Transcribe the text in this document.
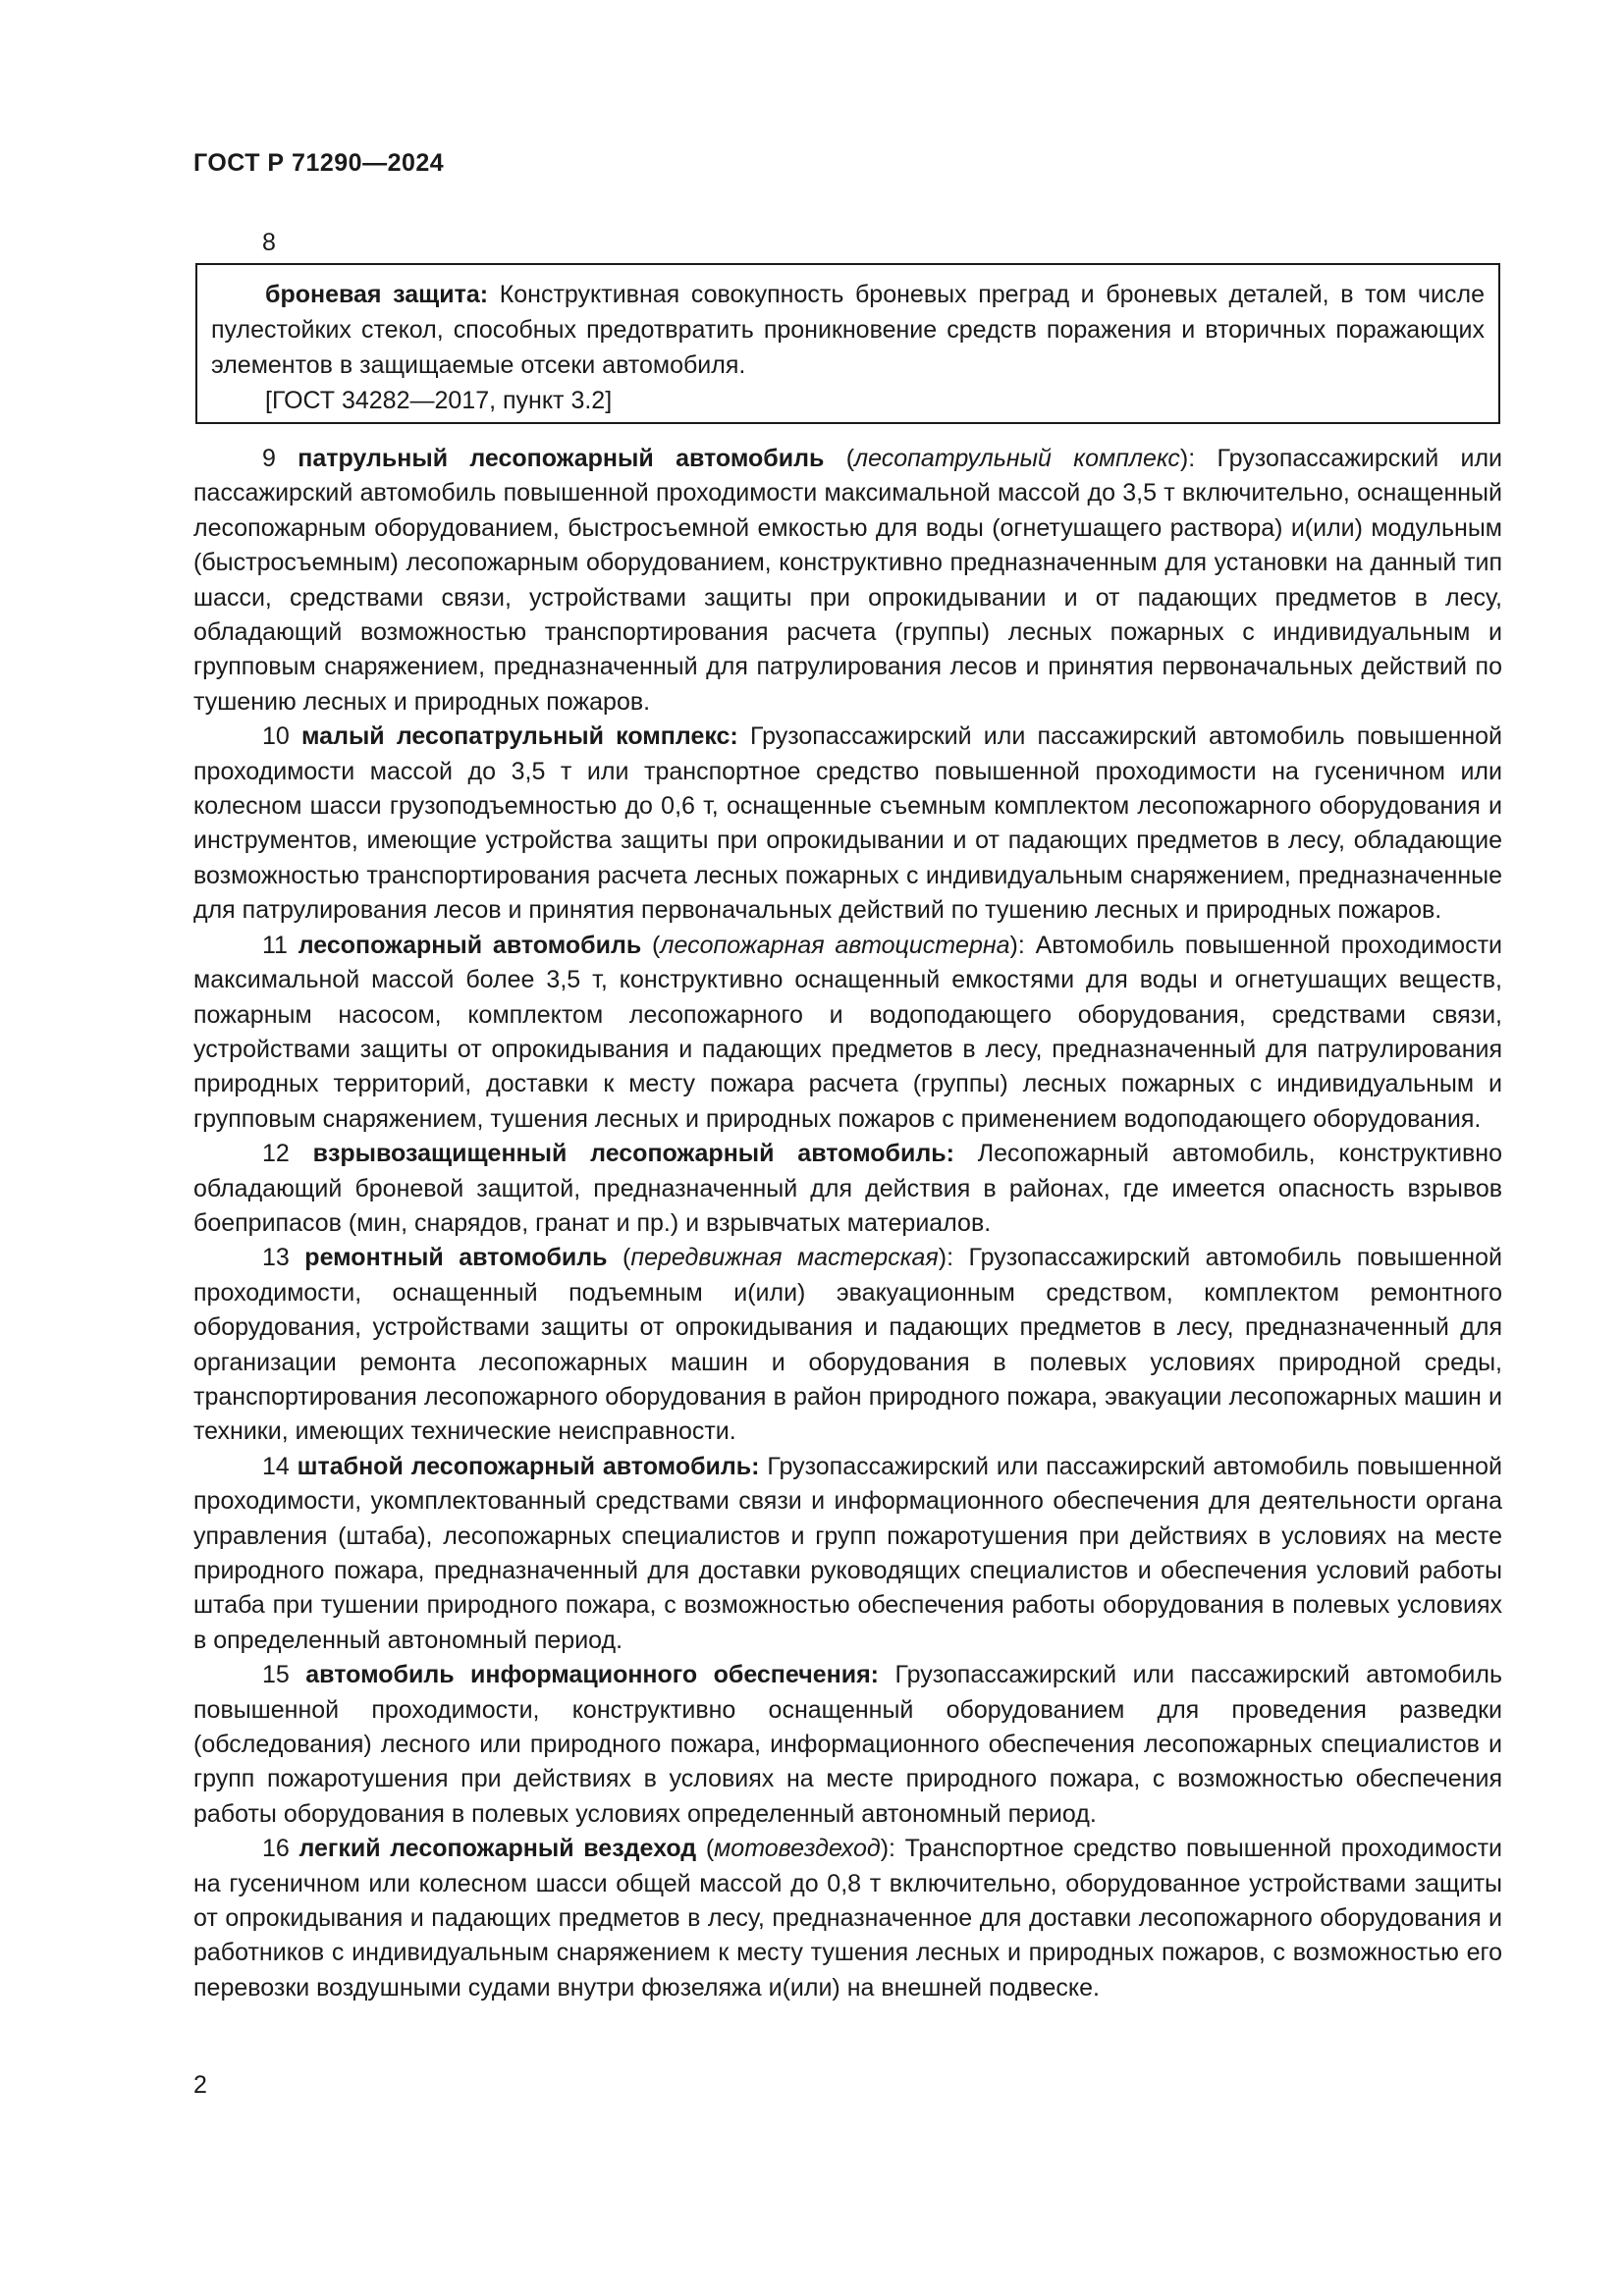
ГОСТ Р 71290—2024
8

броневая защита: Конструктивная совокупность броневых преград и броневых деталей, в том числе пулестойких стекол, способных предотвратить проникновение средств поражения и вторичных поражающих элементов в защищаемые отсеки автомобиля.

[ГОСТ 34282—2017, пункт 3.2]

9 патрульный лесопожарный автомобиль (лесопатрульный комплекс): Грузопассажирский или пассажирский автомобиль повышенной проходимости максимальной массой до 3,5 т включительно, оснащенный лесопожарным оборудованием, быстросъемной емкостью для воды (огнетушащего раствора) и(или) модульным (быстросъемным) лесопожарным оборудованием, конструктивно предназначенным для установки на данный тип шасси, средствами связи, устройствами защиты при опрокидывании и от падающих предметов в лесу, обладающий возможностью транспортирования расчета (группы) лесных пожарных с индивидуальным и групповым снаряжением, предназначенный для патрулирования лесов и принятия первоначальных действий по тушению лесных и природных пожаров.

10 малый лесопатрульный комплекс: Грузопассажирский или пассажирский автомобиль повышенной проходимости массой до 3,5 т или транспортное средство повышенной проходимости на гусеничном или колесном шасси грузоподъемностью до 0,6 т, оснащенные съемным комплектом лесопожарного оборудования и инструментов, имеющие устройства защиты при опрокидывании и от падающих предметов в лесу, обладающие возможностью транспортирования расчета лесных пожарных с индивидуальным снаряжением, предназначенные для патрулирования лесов и принятия первоначальных действий по тушению лесных и природных пожаров.

11 лесопожарный автомобиль (лесопожарная автоцистерна): Автомобиль повышенной проходимости максимальной массой более 3,5 т, конструктивно оснащенный емкостями для воды и огнетушащих веществ, пожарным насосом, комплектом лесопожарного и водоподающего оборудования, средствами связи, устройствами защиты от опрокидывания и падающих предметов в лесу, предназначенный для патрулирования природных территорий, доставки к месту пожара расчета (группы) лесных пожарных с индивидуальным и групповым снаряжением, тушения лесных и природных пожаров с применением водоподающего оборудования.

12 взрывозащищенный лесопожарный автомобиль: Лесопожарный автомобиль, конструктивно обладающий броневой защитой, предназначенный для действия в районах, где имеется опасность взрывов боеприпасов (мин, снарядов, гранат и пр.) и взрывчатых материалов.

13 ремонтный автомобиль (передвижная мастерская): Грузопассажирский автомобиль повышенной проходимости, оснащенный подъемным и(или) эвакуационным средством, комплектом ремонтного оборудования, устройствами защиты от опрокидывания и падающих предметов в лесу, предназначенный для организации ремонта лесопожарных машин и оборудования в полевых условиях природной среды, транспортирования лесопожарного оборудования в район природного пожара, эвакуации лесопожарных машин и техники, имеющих технические неисправности.

14 штабной лесопожарный автомобиль: Грузопассажирский или пассажирский автомобиль повышенной проходимости, укомплектованный средствами связи и информационного обеспечения для деятельности органа управления (штаба), лесопожарных специалистов и групп пожаротушения при действиях в условиях на месте природного пожара, предназначенный для доставки руководящих специалистов и обеспечения условий работы штаба при тушении природного пожара, с возможностью обеспечения работы оборудования в полевых условиях в определенный автономный период.

15 автомобиль информационного обеспечения: Грузопассажирский или пассажирский автомобиль повышенной проходимости, конструктивно оснащенный оборудованием для проведения разведки (обследования) лесного или природного пожара, информационного обеспечения лесопожарных специалистов и групп пожаротушения при действиях в условиях на месте природного пожара, с возможностью обеспечения работы оборудования в полевых условиях определенный автономный период.

16 легкий лесопожарный вездеход (мотовездеход): Транспортное средство повышенной проходимости на гусеничном или колесном шасси общей массой до 0,8 т включительно, оборудованное устройствами защиты от опрокидывания и падающих предметов в лесу, предназначенное для доставки лесопожарного оборудования и работников с индивидуальным снаряжением к месту тушения лесных и природных пожаров, с возможностью его перевозки воздушными судами внутри фюзеляжа и(или) на внешней подвеске.

2
